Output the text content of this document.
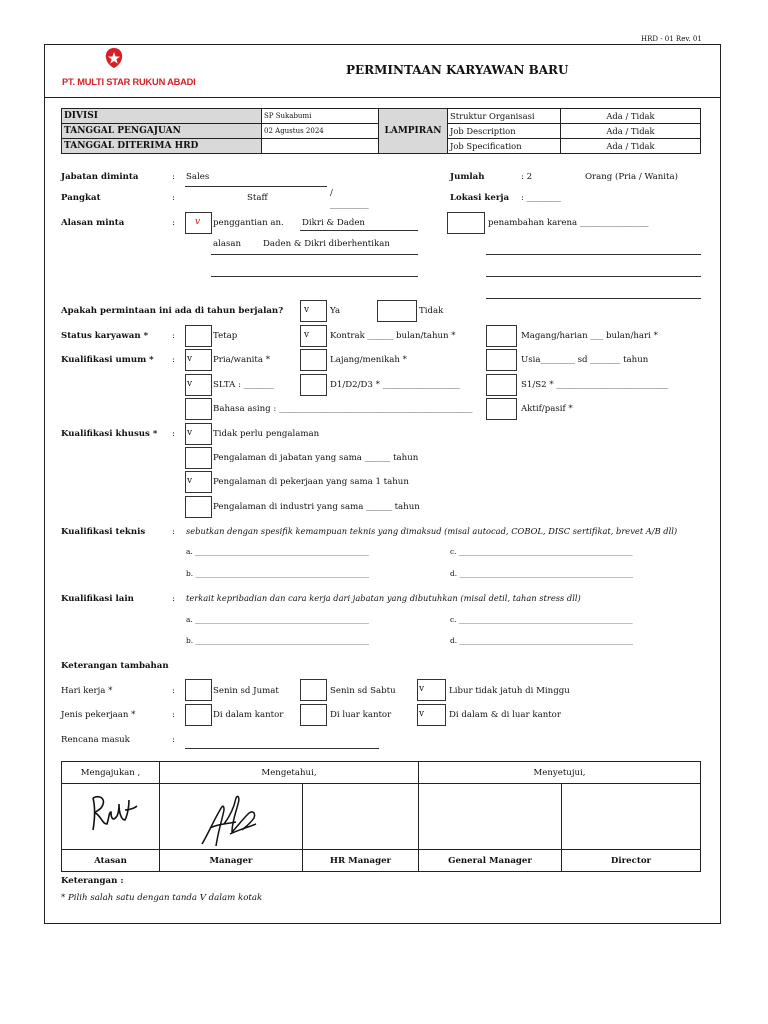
HRD - 01 Rev. 01
PT. MULTI STAR RUKUN ABADI
PERMINTAAN KARYAWAN BARU
DIVISI	SP Sukabumi	LAMPIRAN	Struktur Organisasi	Ada / Tidak
TANGGAL PENGAJUAN	02 Agustus 2024		Job Description	Ada / Tidak
TANGGAL DITERIMA HRD			Job Specification	Ada / Tidak
Jabatan diminta	: Sales	Jumlah	: 2	Orang (Pria / Wanita)
Pangkat	:	Staff	/
_________
Lokasi kerja : ________
Alasan minta	: v penggantian an. Dikri & Daden	penambahan karena ________________
alasan	Daden & Dikri diberhentikan
Apakah permintaan ini ada di tahun berjalan? v Ya	Tidak
Status karyawan *	:	Tetap	v Kontrak ______ bulan/tahun *	Magang/harian ___ bulan/hari *
Kualifikasi umum * : v Pria/wanita *	Lajang/menikah *	Usia________ sd _______ tahun
v SLTA : _______	D1/D2/D3 * __________________	S1/S2 * __________________________
Bahasa asing : _____________________________________________	Aktif/pasif *
Kualifikasi khusus * : v Tidak perlu pengalaman
Pengalaman di jabatan yang sama ______ tahun
v Pengalaman di pekerjaan yang sama 1 tahun
Pengalaman di industri yang sama ______ tahun
Kualifikasi teknis	: sebutkan dengan spesifik kemampuan teknis yang dimaksud (misal autocad, COBOL, DISC sertifikat, brevet A/B dll)
a. _______________________________________________
b. _______________________________________________
c. _______________________________________________
d. _______________________________________________
Kualifikasi lain	: terkait kepribadian dan cara kerja dari jabatan yang dibutuhkan (misal detil, tahan stress dll)
a. _______________________________________________
b. _______________________________________________
c. _______________________________________________
d. _______________________________________________
Keterangan tambahan
Hari kerja *	:	Senin sd Jumat	Senin sd Sabtu	v	Libur tidak jatuh di Minggu
Jenis pekerjaan *	:	Di dalam kantor	Di luar kantor	v	Di dalam & di luar kantor
Rencana masuk	:
Mengajukan ,	Mengetahui,		Menyetujui,	

Atasan	Manager	HR Manager	General Manager	Director
Keterangan :
* Pilih salah satu dengan tanda V dalam kotak
